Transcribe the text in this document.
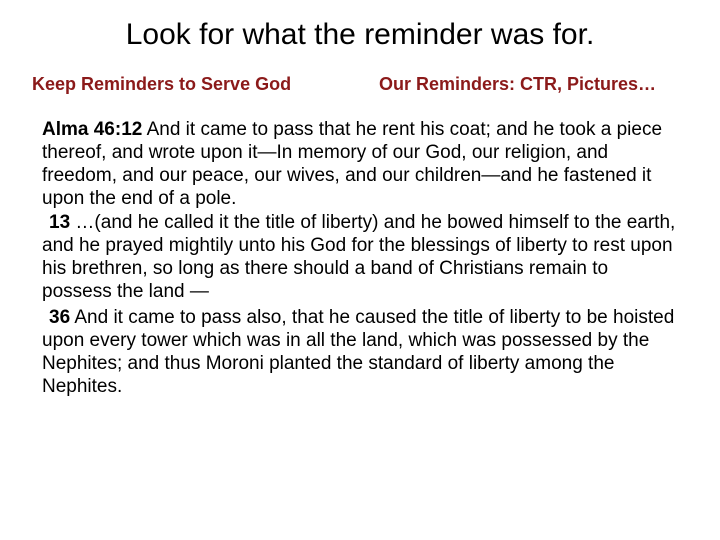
Look for what the reminder was for.
Keep Reminders to Serve God	Our Reminders: CTR, Pictures…

Alma 46:12 And it came to pass that he rent his coat; and he took a piece thereof, and wrote upon it—In memory of our God, our religion, and freedom, and our peace, our wives, and our children—and he fastened it upon the end of a pole.

13 …(and he called it the title of liberty) and he bowed himself to the earth, and he prayed mightily unto his God for the blessings of liberty to rest upon his brethren, so long as there should a band of Christians remain to possess the land —

36 And it came to pass also, that he caused the title of liberty to be hoisted upon every tower which was in all the land, which was possessed by the Nephites; and thus Moroni planted the standard of liberty among the Nephites.
